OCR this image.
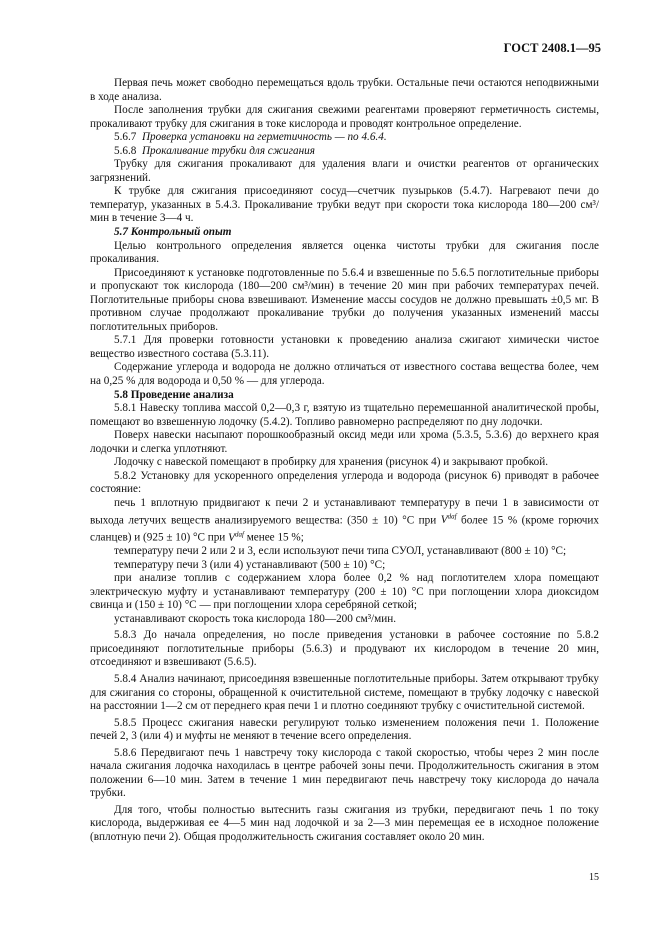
ГОСТ 2408.1—95

Первая печь может свободно перемещаться вдоль трубки. Остальные печи остаются неподвижными в ходе анализа.

После заполнения трубки для сжигания свежими реагентами проверяют герметичность системы, прокаливают трубку для сжигания в токе кислорода и проводят контрольное определение.

5.6.7 Проверка установки на герметичность — по 4.6.4.

5.6.8 Прокаливание трубки для сжигания

Трубку для сжигания прокаливают для удаления влаги и очистки реагентов от органических загрязнений.

К трубке для сжигания присоединяют сосуд—счетчик пузырьков (5.4.7). Нагревают печи до температур, указанных в 5.4.3. Прокаливание трубки ведут при скорости тока кислорода 180—200 см³/мин в течение 3—4 ч.

5.7 Контрольный опыт

Целью контрольного определения является оценка чистоты трубки для сжигания после прокаливания.

Присоединяют к установке подготовленные по 5.6.4 и взвешенные по 5.6.5 поглотительные приборы и пропускают ток кислорода (180—200 см³/мин) в течение 20 мин при рабочих температурах печей. Поглотительные приборы снова взвешивают. Изменение массы сосудов не должно превышать ±0,5 мг. В противном случае продолжают прокаливание трубки до получения указанных изменений массы поглотительных приборов.

5.7.1 Для проверки готовности установки к проведению анализа сжигают химически чистое вещество известного состава (5.3.11).

Содержание углерода и водорода не должно отличаться от известного состава вещества более, чем на 0,25 % для водорода и 0,50 % — для углерода.

5.8 Проведение анализа

5.8.1 Навеску топлива массой 0,2—0,3 г, взятую из тщательно перемешанной аналитической пробы, помещают во взвешенную лодочку (5.4.2). Топливо равномерно распределяют по дну лодочки.

Поверх навески насыпают порошкообразный оксид меди или хрома (5.3.5, 5.3.6) до верхнего края лодочки и слегка уплотняют.

Лодочку с навеской помещают в пробирку для хранения (рисунок 4) и закрывают пробкой.

5.8.2 Установку для ускоренного определения углерода и водорода (рисунок 6) приводят в рабочее состояние:

печь 1 вплотную придвигают к печи 2 и устанавливают температуру в печи 1 в зависимости от выхода летучих веществ анализируемого вещества: (350 ± 10) °С при $V^{daf}$ более 15 % (кроме горючих сланцев) и (925 ± 10) °С при $V^{daf}$ менее 15 %;

температуру печи 2 или 2 и 3, если используют печи типа СУОЛ, устанавливают (800 ± 10) °С;

температуру печи 3 (или 4) устанавливают (500 ± 10) °С;

при анализе топлив с содержанием хлора более 0,2 % над поглотителем хлора помещают электрическую муфту и устанавливают температуру (200 ± 10) °С при поглощении хлора диоксидом свинца и (150 ± 10) °С — при поглощении хлора серебряной сеткой;

устанавливают скорость тока кислорода 180—200 см³/мин.

5.8.3 До начала определения, но после приведения установки в рабочее состояние по 5.8.2 присоединяют поглотительные приборы (5.6.3) и продувают их кислородом в течение 20 мин, отсоединяют и взвешивают (5.6.5).

5.8.4 Анализ начинают, присоединяя взвешенные поглотительные приборы. Затем открывают трубку для сжигания со стороны, обращенной к очистительной системе, помещают в трубку лодочку с навеской на расстоянии 1—2 см от переднего края печи 1 и плотно соединяют трубку с очистительной системой.

5.8.5 Процесс сжигания навески регулируют только изменением положения печи 1. Положение печей 2, 3 (или 4) и муфты не меняют в течение всего определения.

5.8.6 Передвигают печь 1 навстречу току кислорода с такой скоростью, чтобы через 2 мин после начала сжигания лодочка находилась в центре рабочей зоны печи. Продолжительность сжигания в этом положении 6—10 мин. Затем в течение 1 мин передвигают печь навстречу току кислорода до начала трубки.

Для того, чтобы полностью вытеснить газы сжигания из трубки, передвигают печь 1 по току кислорода, выдерживая ее 4—5 мин над лодочкой и за 2—3 мин перемещая ее в исходное положение (вплотную печи 2). Общая продолжительность сжигания составляет около 20 мин.

15
